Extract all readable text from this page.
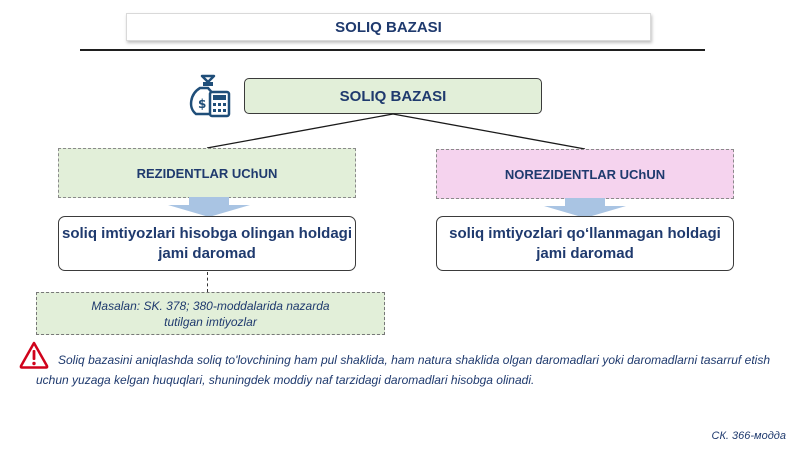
SOLIQ BAZASI
$	SOLIQ BAZASI
REZIDENTLAR UChUN	NOREZIDENTLAR UChUN
soliq imtiyozlari hisobga olingan holdagi jami daromad
soliq imtiyozlari qo‘llanmagan holdagi jami daromad
Masalan: SK. 378; 380-moddalarida nazarda tutilgan imtiyozlar
Soliq bazasini aniqlashda soliq to'lovchining ham pul shaklida, ham natura shaklida olgan daromadlari yoki daromadlarni tasarruf etish uchun yuzaga kelgan huquqlari, shuningdek moddiy naf tarzidagi daromadlari hisobga olinadi.
СК. 366-модда
